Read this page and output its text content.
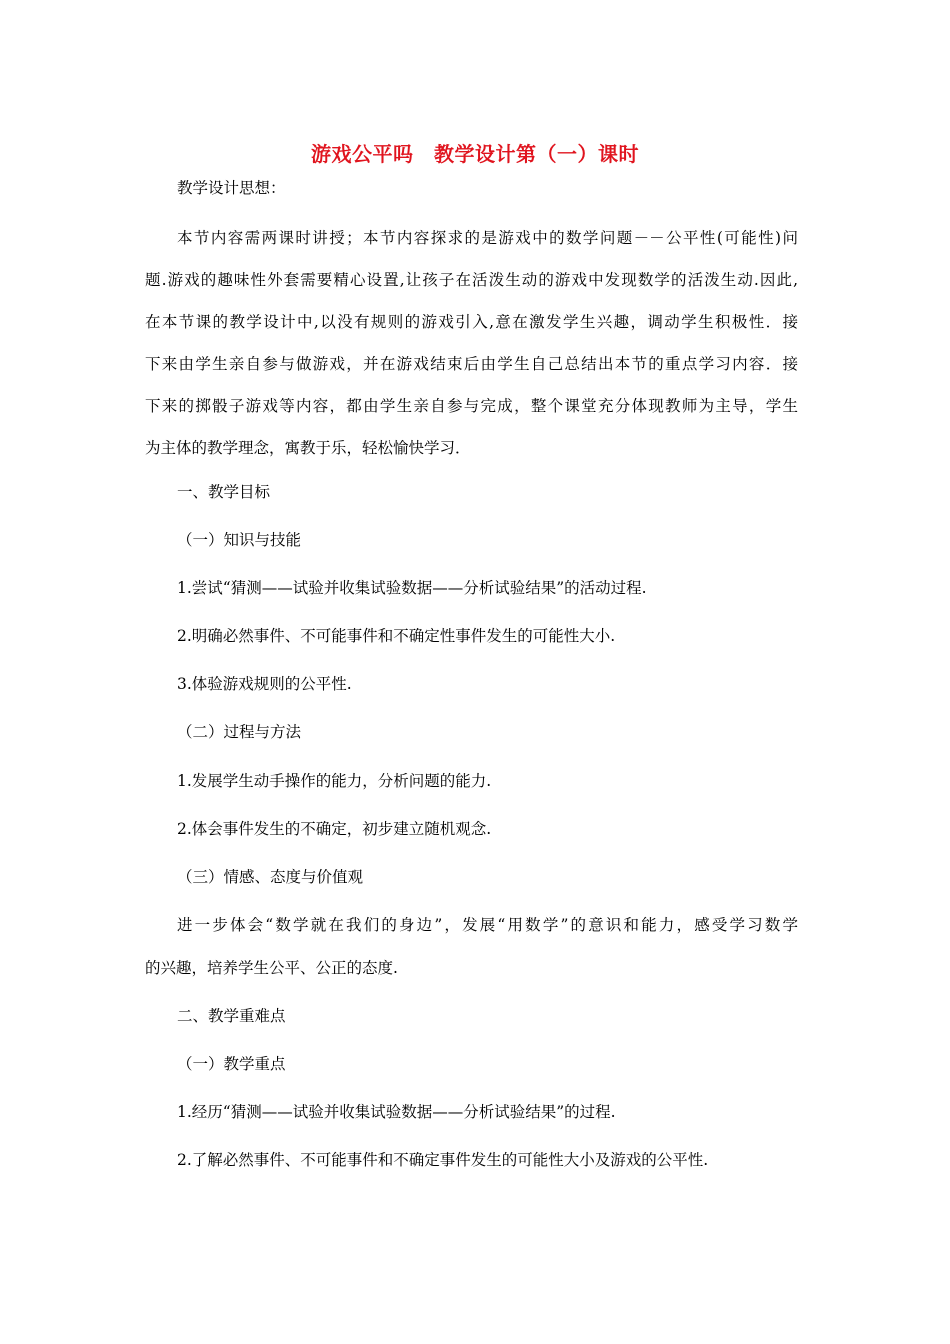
游戏公平吗　教学设计第（一）课时
教学设计思想：
本节内容需两课时讲授；本节内容探求的是游戏中的数学问题－－公平性(可能性)问
题.游戏的趣味性外套需要精心设置,让孩子在活泼生动的游戏中发现数学的活泼生动.因此,
在本节课的教学设计中,以没有规则的游戏引入,意在激发学生兴趣，调动学生积极性．接
下来由学生亲自参与做游戏，并在游戏结束后由学生自己总结出本节的重点学习内容．接
下来的掷骰子游戏等内容，都由学生亲自参与完成，整个课堂充分体现教师为主导，学生
为主体的教学理念，寓教于乐，轻松愉快学习．
一、教学目标
（一）知识与技能
1.尝试“猜测——试验并收集试验数据——分析试验结果”的活动过程.
2.明确必然事件、不可能事件和不确定性事件发生的可能性大小.
3.体验游戏规则的公平性.
（二）过程与方法
1.发展学生动手操作的能力，分析问题的能力.
2.体会事件发生的不确定，初步建立随机观念.
（三）情感、态度与价值观
进一步体会“数学就在我们的身边”，发展“用数学”的意识和能力，感受学习数学
的兴趣，培养学生公平、公正的态度.
二、教学重难点
（一）教学重点
1.经历“猜测——试验并收集试验数据——分析试验结果”的过程.
2.了解必然事件、不可能事件和不确定事件发生的可能性大小及游戏的公平性.
